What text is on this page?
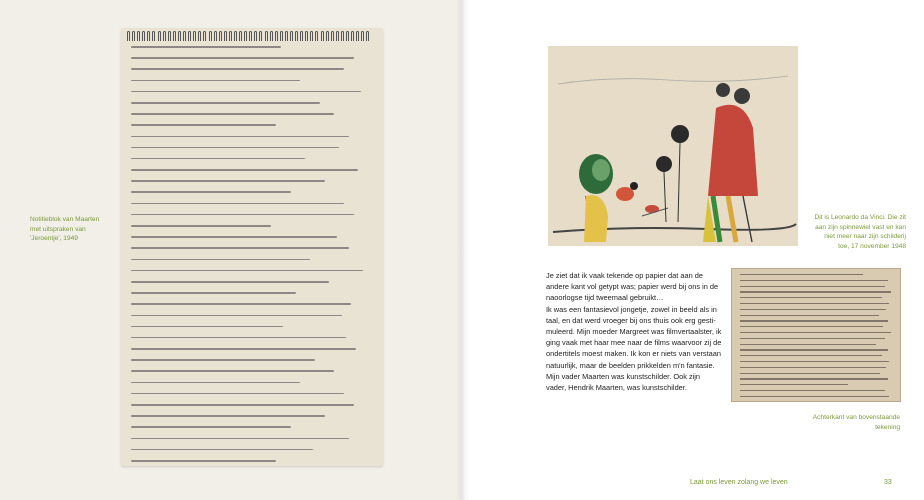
Notitieblok van Maarten met uitspraken van 'Jeroentje', 1949
Dit is Leonardo da Vinci. Die zit aan zijn spinnewiel vast en kan niet meer naar zijn schilderij toe, 17 november 1948

Je ziet dat ik vaak tekende op papier dat aan de andere kant vol getypt was; papier werd bij ons in de naoorlogse tijd tweemaal gebruikt…

Ik was een fantasievol jongetje, zowel in beeld als in taal, en dat werd vroeger bij ons thuis ook erg gestimuleerd. Mijn moeder Margreet was filmvertaalster, ik ging vaak met haar mee naar de films waarvoor zij de ondertitels moest maken. Ik kon er niets van verstaan natuurlijk, maar de beelden prikkelden m'n fantasie. Mijn vader Maarten was kunstschilder. Ook zijn vader, Hendrik Maarten, was kunstschilder.

Achterkant van bovenstaande tekening
Laat ons leven zolang we leven	33
